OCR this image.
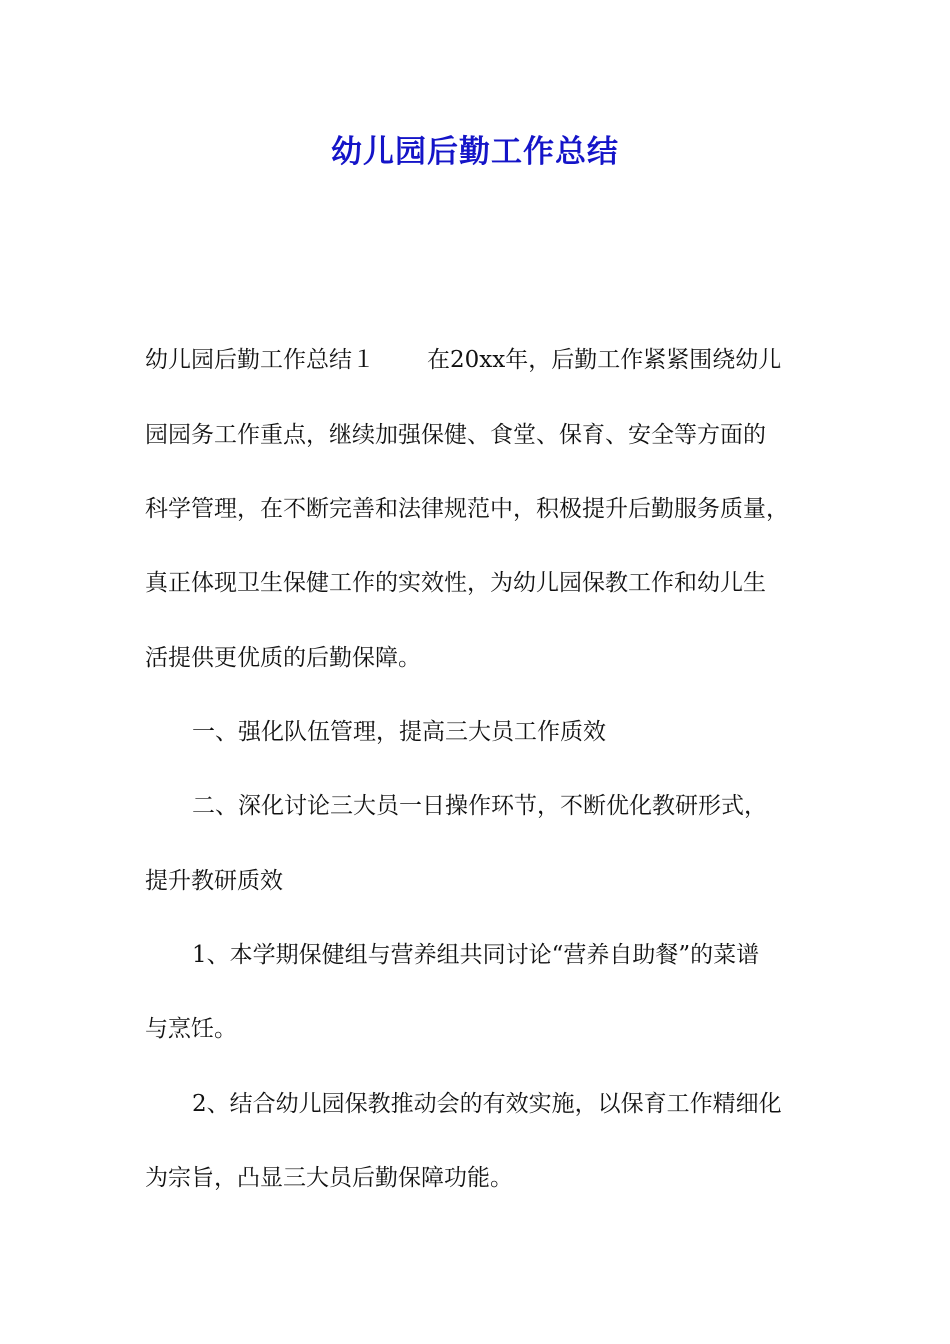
幼儿园后勤工作总结
幼儿园后勤工作总结１ 在20xx年，后勤工作紧紧围绕幼儿
园园务工作重点，继续加强保健、食堂、保育、安全等方面的
科学管理，在不断完善和法律规范中，积极提升后勤服务质量，
真正体现卫生保健工作的实效性，为幼儿园保教工作和幼儿生
活提供更优质的后勤保障。
一、强化队伍管理，提高三大员工作质效
二、深化讨论三大员一日操作环节，不断优化教研形式，
提升教研质效
1、本学期保健组与营养组共同讨论“营养自助餐”的菜谱
与烹饪。
2、结合幼儿园保教推动会的有效实施，以保育工作精细化
为宗旨，凸显三大员后勤保障功能。
